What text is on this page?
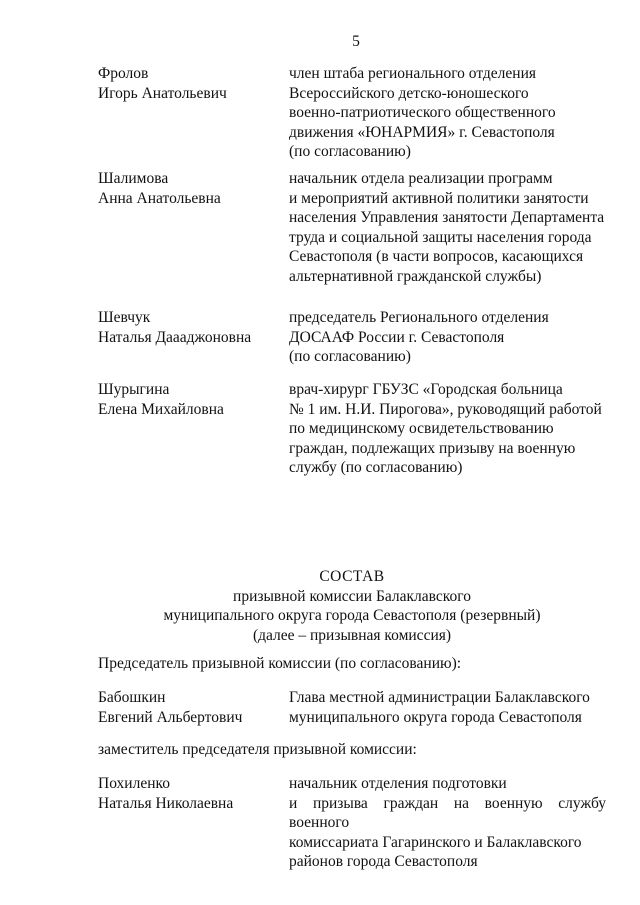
5
Фролов
Игорь Анатольевич
член штаба регионального отделения
Всероссийского детско-юношеского
военно-патриотического общественного
движения «ЮНАРМИЯ» г. Севастополя
(по согласованию)
Шалимова
Анна Анатольевна
начальник отдела реализации программ
и мероприятий активной политики занятости
населения Управления занятости Департамента
труда и социальной защиты населения города
Севастополя (в части вопросов, касающихся
альтернативной гражданской службы)
Шевчук
Наталья Даааджоновна
председатель Регионального отделения
ДОСААФ России г. Севастополя
(по согласованию)
Шурыгина
Елена Михайловна
врач-хирург ГБУЗС «Городская больница
№ 1 им. Н.И. Пирогова», руководящий работой
по медицинскому освидетельствованию
граждан, подлежащих призыву на военную
службу (по согласованию)
СОСТАВ
призывной комиссии Балаклавского
муниципального округа города Севастополя (резервный)
(далее – призывная комиссия)
Председатель призывной комиссии (по согласованию):
Бабошкин
Евгений Альбертович
Глава местной администрации Балаклавского
муниципального округа города Севастополя
заместитель председателя призывной комиссии:
Похиленко
Наталья Николаевна
начальник отделения подготовки
и призыва граждан на военную службу военного
комиссариата Гагаринского и Балаклавского
районов города Севастополя
